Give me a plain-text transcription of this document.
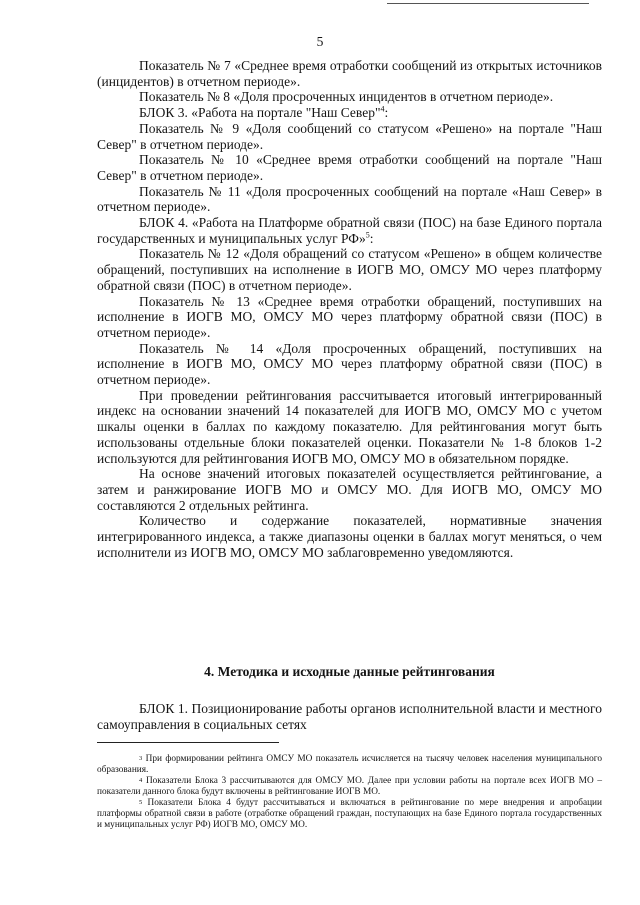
5

Показатель № 7 «Среднее время отработки сообщений из открытых источников (инцидентов) в отчетном периоде».

Показатель № 8 «Доля просроченных инцидентов в отчетном периоде».

БЛОК 3. «Работа на портале "Наш Север"$^4$:

Показатель № 9 «Доля сообщений со статусом «Решено» на портале "Наш Север" в отчетном периоде».

Показатель № 10 «Среднее время отработки сообщений на портале "Наш Север" в отчетном периоде».

Показатель № 11 «Доля просроченных сообщений на портале «Наш Север» в отчетном периоде».

БЛОК 4. «Работа на Платформе обратной связи (ПОС) на базе Единого портала государственных и муниципальных услуг РФ»$^5$:

Показатель № 12 «Доля обращений со статусом «Решено» в общем количестве обращений, поступивших на исполнение в ИОГВ МО, ОМСУ МО через платформу обратной связи (ПОС) в отчетном периоде».

Показатель № 13 «Среднее время отработки обращений, поступивших на исполнение в ИОГВ МО, ОМСУ МО через платформу обратной связи (ПОС) в отчетном периоде».

Показатель № 14 «Доля просроченных обращений, поступивших на исполнение в ИОГВ МО, ОМСУ МО через платформу обратной связи (ПОС) в отчетном периоде».

При проведении рейтингования рассчитывается итоговый интегрированный индекс на основании значений 14 показателей для ИОГВ МО, ОМСУ МО с учетом шкалы оценки в баллах по каждому показателю. Для рейтингования могут быть использованы отдельные блоки показателей оценки. Показатели № 1-8 блоков 1-2 используются для рейтингования ИОГВ МО, ОМСУ МО в обязательном порядке.

На основе значений итоговых показателей осуществляется рейтингование, а затем и ранжирование ИОГВ МО и ОМСУ МО. Для ИОГВ МО, ОМСУ МО составляются 2 отдельных рейтинга.

Количество и содержание показателей, нормативные значения интегрированного индекса, а также диапазоны оценки в баллах могут меняться, о чем исполнители из ИОГВ МО, ОМСУ МО заблаговременно уведомляются.

4. Методика и исходные данные рейтингования

БЛОК 1. Позиционирование работы органов исполнительной власти и местного самоуправления в социальных сетях

$^3$ При формировании рейтинга ОМСУ МО показатель исчисляется на тысячу человек населения муниципального образования.

$^4$ Показатели Блока 3 рассчитываются для ОМСУ МО. Далее при условии работы на портале всех ИОГВ МО – показатели данного блока будут включены в рейтингование ИОГВ МО.

$^5$ Показатели Блока 4 будут рассчитываться и включаться в рейтингование по мере внедрения и апробации платформы обратной связи в работе (отработке обращений граждан, поступающих на базе Единого портала государственных и муниципальных услуг РФ) ИОГВ МО, ОМСУ МО.
